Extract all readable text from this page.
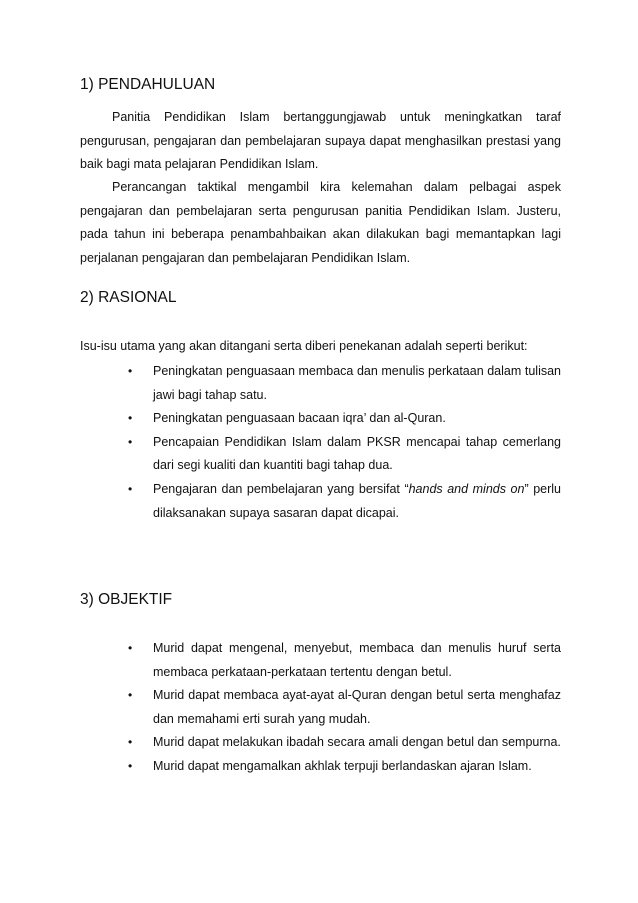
1) PENDAHULUAN

Panitia Pendidikan Islam bertanggungjawab untuk meningkatkan taraf pengurusan, pengajaran dan pembelajaran supaya dapat menghasilkan prestasi yang baik bagi mata pelajaran Pendidikan Islam.

Perancangan taktikal mengambil kira kelemahan dalam pelbagai aspek pengajaran dan pembelajaran serta pengurusan panitia Pendidikan Islam. Justeru, pada tahun ini beberapa penambahbaikan akan dilakukan bagi memantapkan lagi perjalanan pengajaran dan pembelajaran Pendidikan Islam.

2) RASIONAL

Isu-isu utama yang akan ditangani serta diberi penekanan adalah seperti berikut:

• Peningkatan penguasaan membaca dan menulis perkataan dalam tulisan jawi bagi tahap satu.
• Peningkatan penguasaan bacaan iqra’ dan al-Quran.
• Pencapaian Pendidikan Islam dalam PKSR mencapai tahap cemerlang dari segi kualiti dan kuantiti bagi tahap dua.
• Pengajaran dan pembelajaran yang bersifat “hands and minds on” perlu dilaksanakan supaya sasaran dapat dicapai.
3) OBJEKTIF
• Murid dapat mengenal, menyebut, membaca dan menulis huruf serta membaca perkataan-perkataan tertentu dengan betul.
• Murid dapat membaca ayat-ayat al-Quran dengan betul serta menghafaz dan memahami erti surah yang mudah.
• Murid dapat melakukan ibadah secara amali dengan betul dan sempurna.
• Murid dapat mengamalkan akhlak terpuji berlandaskan ajaran Islam.
